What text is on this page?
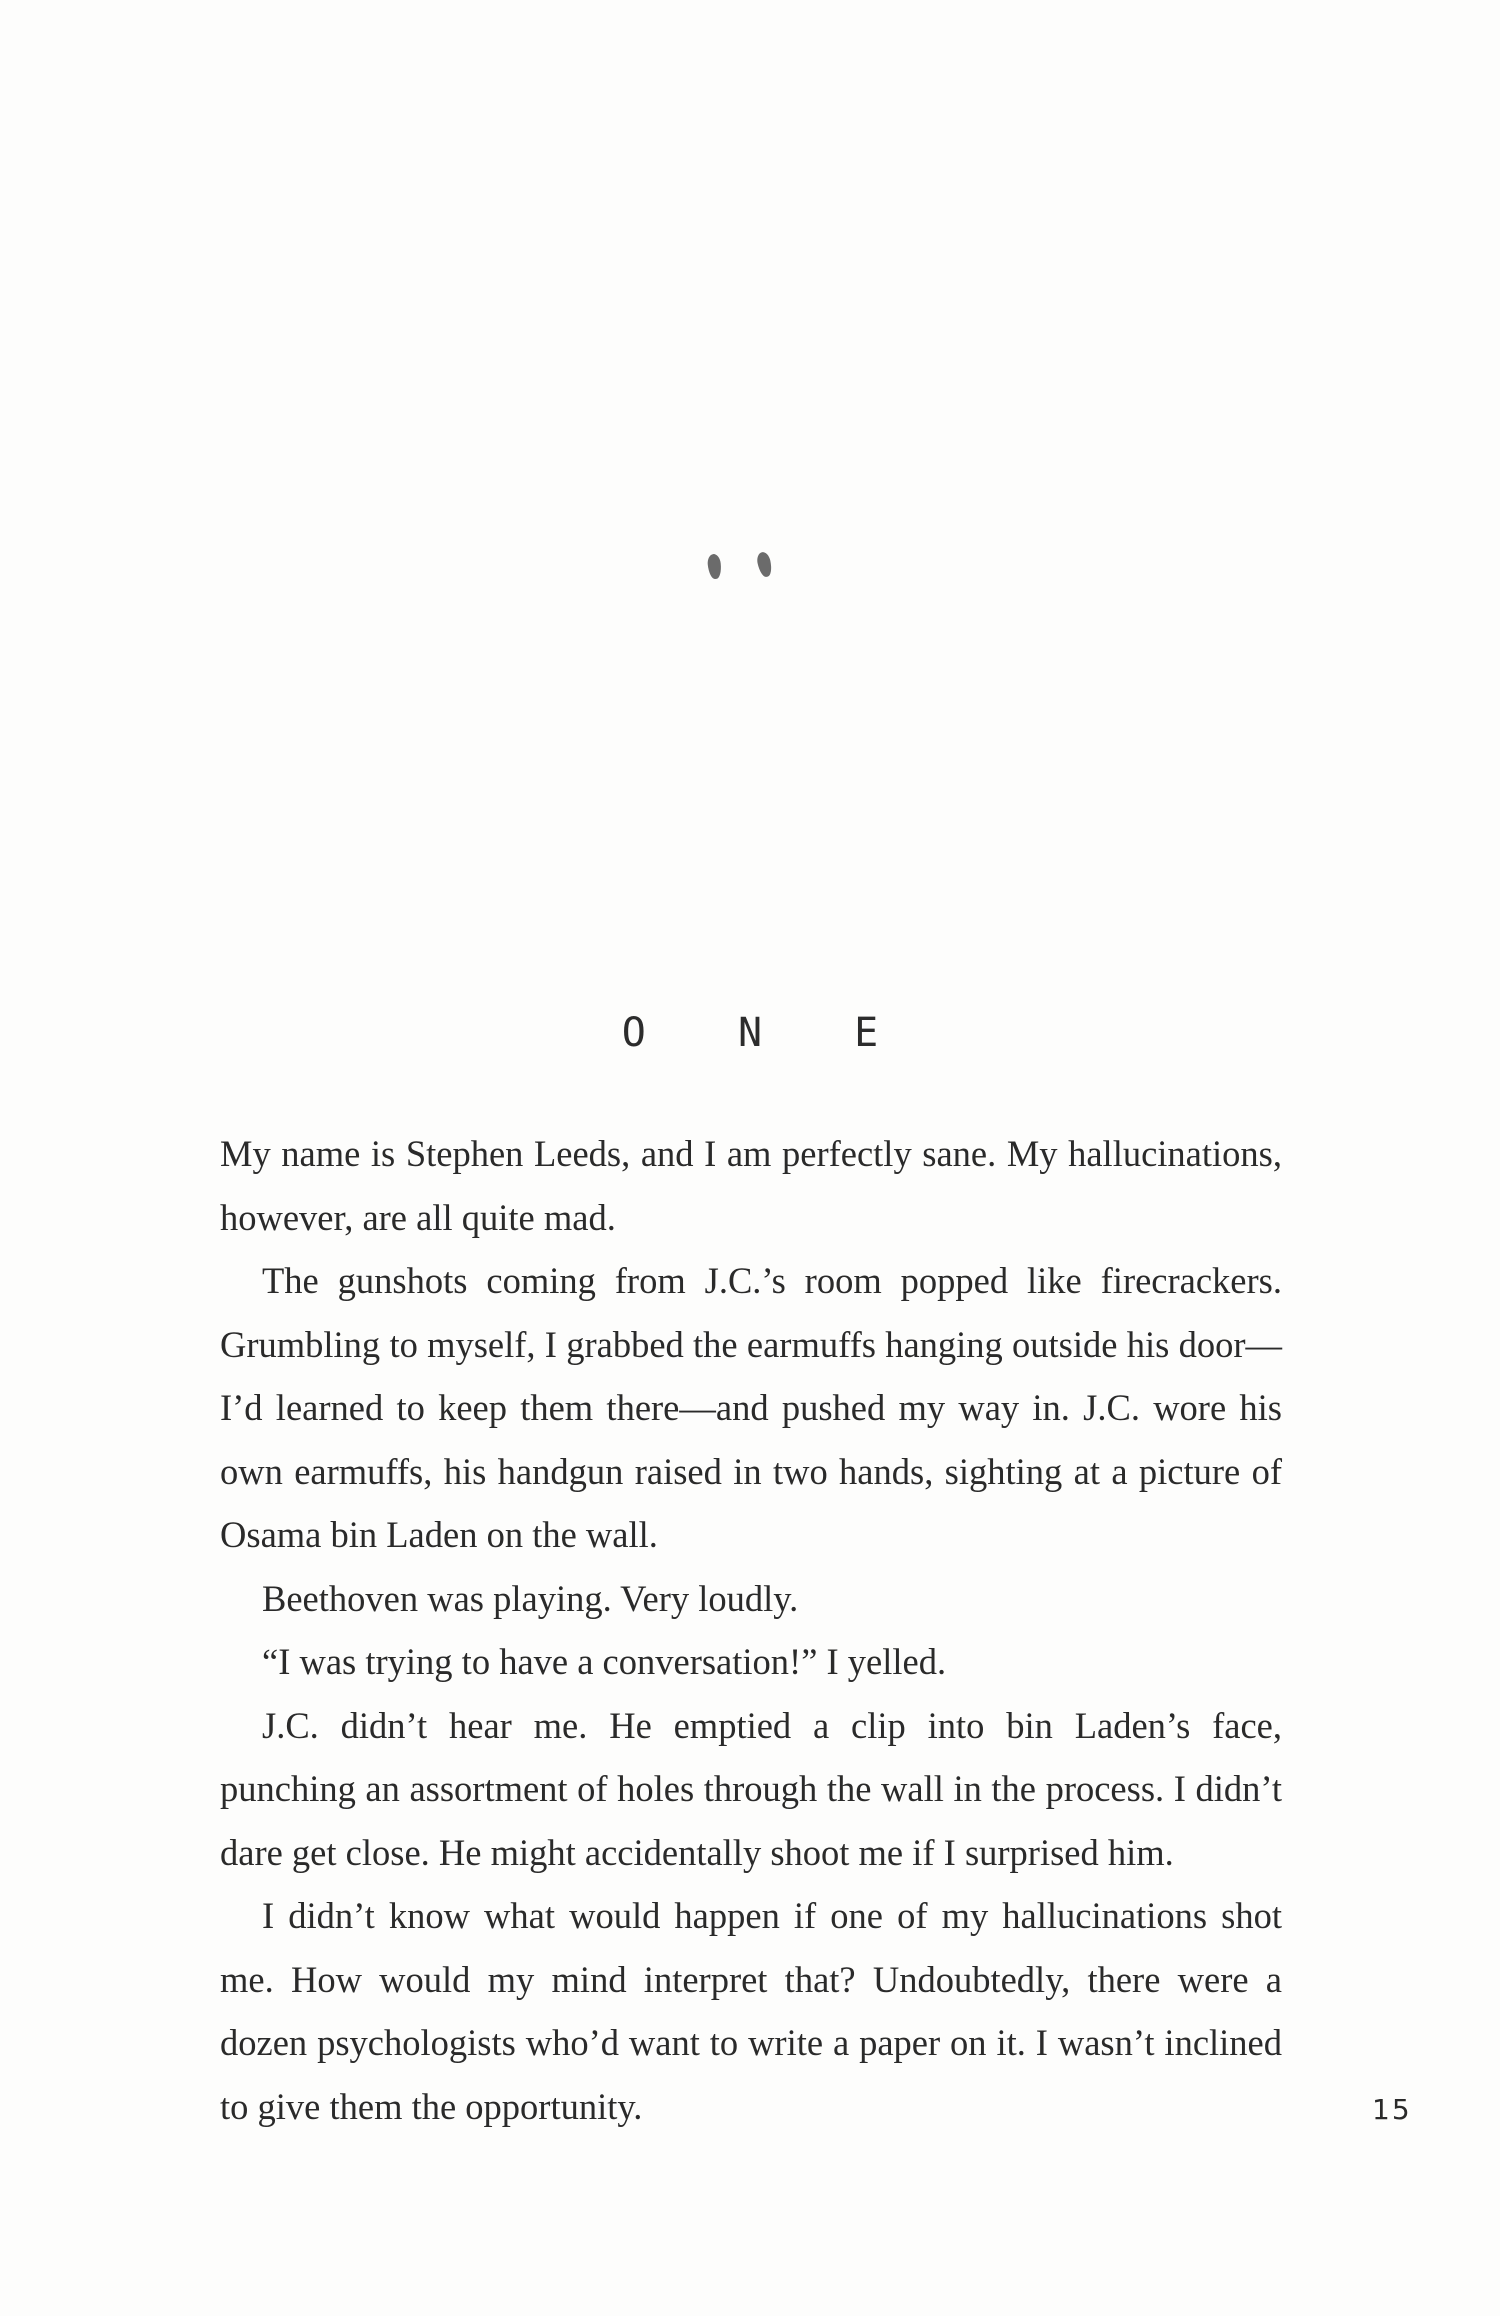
O N E

My name is Stephen Leeds, and I am perfectly sane. My hallucinations, however, are all quite mad.

The gunshots coming from J.C.’s room popped like firecrackers. Grumbling to myself, I grabbed the earmuffs hanging outside his door—I’d learned to keep them there—and pushed my way in. J.C. wore his own earmuffs, his handgun raised in two hands, sighting at a picture of Osama bin Laden on the wall.

Beethoven was playing. Very loudly.

“I was trying to have a conversation!” I yelled.

J.C. didn’t hear me. He emptied a clip into bin Laden’s face, punching an assortment of holes through the wall in the process. I didn’t dare get close. He might accidentally shoot me if I surprised him.

I didn’t know what would happen if one of my hallucinations shot me. How would my mind interpret that? Undoubtedly, there were a dozen psychologists who’d want to write a paper on it. I wasn’t inclined to give them the opportunity.	15
